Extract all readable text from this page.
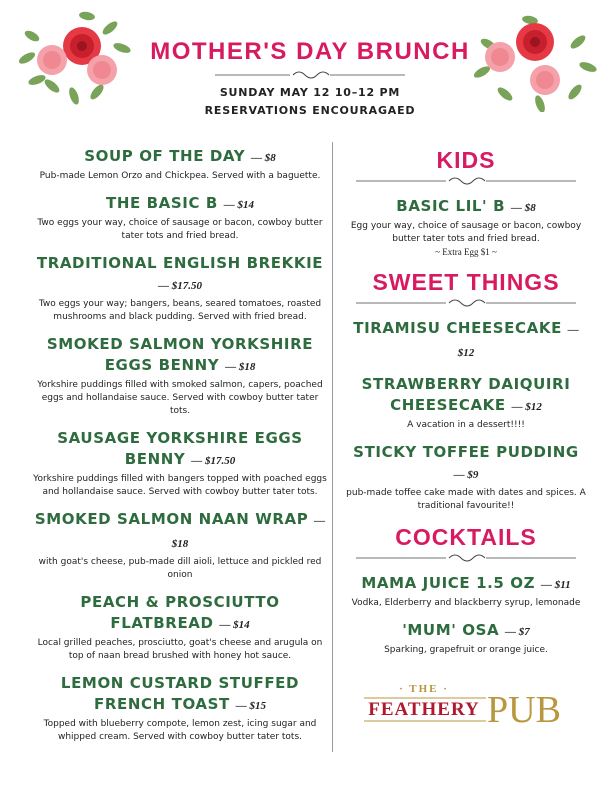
MOTHER'S DAY BRUNCH
SUNDAY MAY 12 10–12 PM
RESERVATIONS ENCOURAGAED

SOUP OF THE DAY — $8

Pub-made Lemon Orzo and Chickpea. Served with a baguette.

THE BASIC B — $14

Two eggs your way, choice of sausage or bacon, cowboy butter tater tots and fried bread.

TRADITIONAL ENGLISH BREKKIE — $17.50

Two eggs your way; bangers, beans, seared tomatoes, roasted mushrooms and black pudding. Served with fried bread.

SMOKED SALMON YORKSHIRE EGGS BENNY — $18

Yorkshire puddings filled with smoked salmon, capers, poached eggs and hollandaise sauce. Served with cowboy butter tater tots.

SAUSAGE YORKSHIRE EGGS BENNY — $17.50

Yorkshire puddings filled with bangers topped with poached eggs and hollandaise sauce. Served with cowboy butter tater tots.

SMOKED SALMON NAAN WRAP — $18

with goat's cheese, pub-made dill aioli, lettuce and pickled red onion

PEACH & PROSCIUTTO FLATBREAD — $14

Local grilled peaches, prosciutto, goat's cheese and arugula on top of naan bread brushed with honey hot sauce.

LEMON CUSTARD STUFFED FRENCH TOAST — $15

Topped with blueberry compote, lemon zest, icing sugar and whipped cream. Served with cowboy butter tater tots.

KIDS

BASIC LIL' B — $8

Egg your way, choice of sausage or bacon, cowboy butter tater tots and fried bread.

~ Extra Egg $1 ~

SWEET THINGS

TIRAMISU CHEESECAKE — $12

STRAWBERRY DAIQUIRI CHEESECAKE — $12

A vacation in a dessert!!!!

STICKY TOFFEE PUDDING — $9

pub-made toffee cake made with dates and spices. A traditional favourite!!

COCKTAILS

MAMA JUICE 1.5 OZ — $11

Vodka, Elderberry and blackberry syrup, lemonade

'MUM' OSA — $7

Sparking, grapefruit or orange juice.

· THE ·
FEATHERY PUB
